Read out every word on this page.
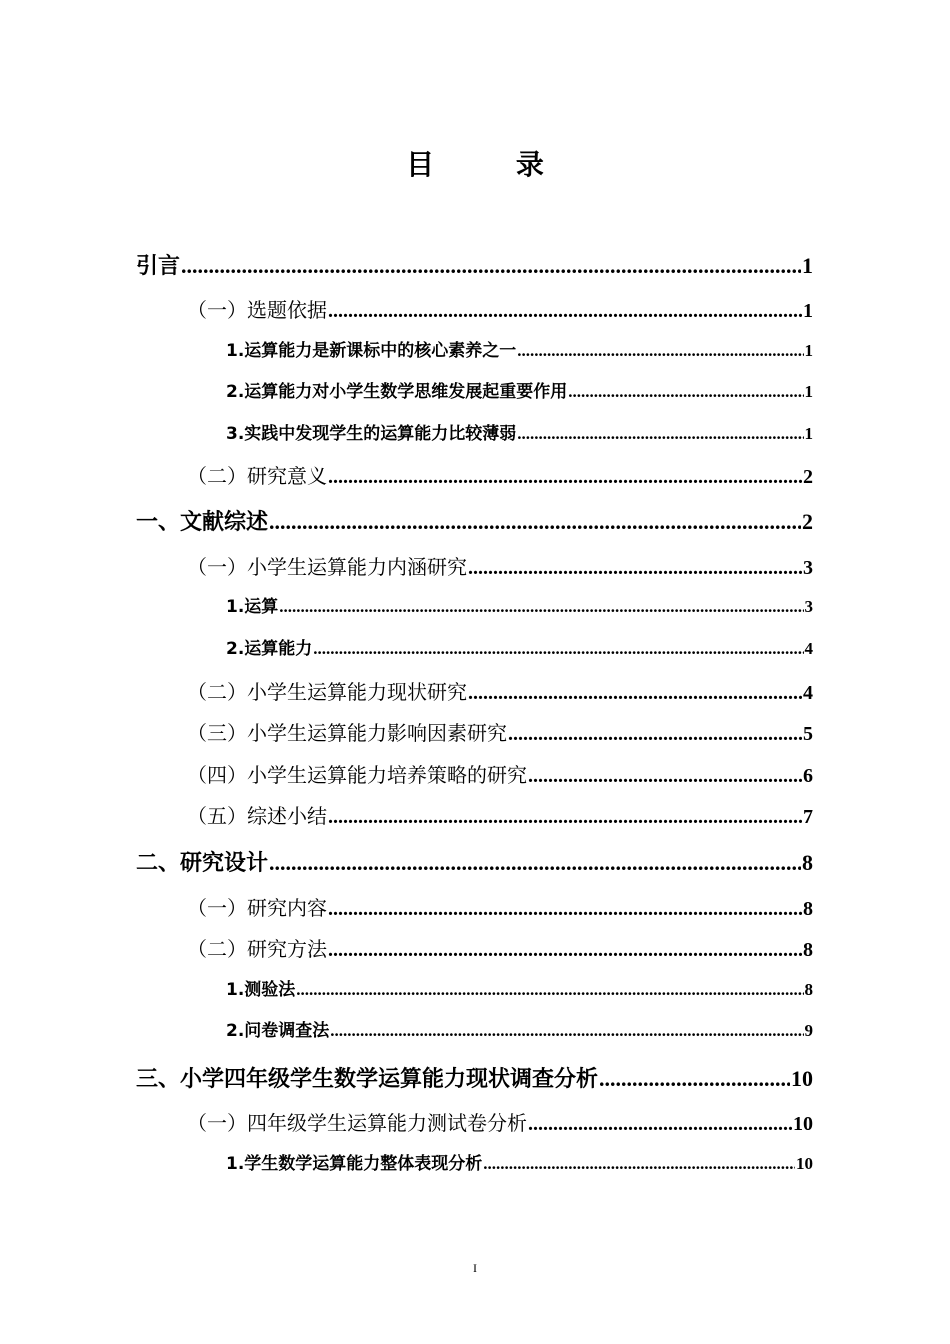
目 录
引言 .....	1
（一）选题依据 .....	1
1.运算能力是新课标中的核心素养之一 .....	1
2.运算能力对小学生数学思维发展起重要作用 .....	1
3.实践中发现学生的运算能力比较薄弱 .....	1
（二）研究意义 .....	2
一、文献综述 .....	2
（一）小学生运算能力内涵研究 .....	3
1.运算 .....	3
2.运算能力 .....	4
（二）小学生运算能力现状研究 .....	4
（三）小学生运算能力影响因素研究 .....	5
（四）小学生运算能力培养策略的研究 .....	6
（五）综述小结 .....	7
二、研究设计 .....	8
（一）研究内容 .....	8
（二）研究方法 .....	8
1.测验法 .....	8
2.问卷调查法 .....	9
三、小学四年级学生数学运算能力现状调查分析 .....	10
（一）四年级学生运算能力测试卷分析 .....	10
1.学生数学运算能力整体表现分析 .....	10
I
